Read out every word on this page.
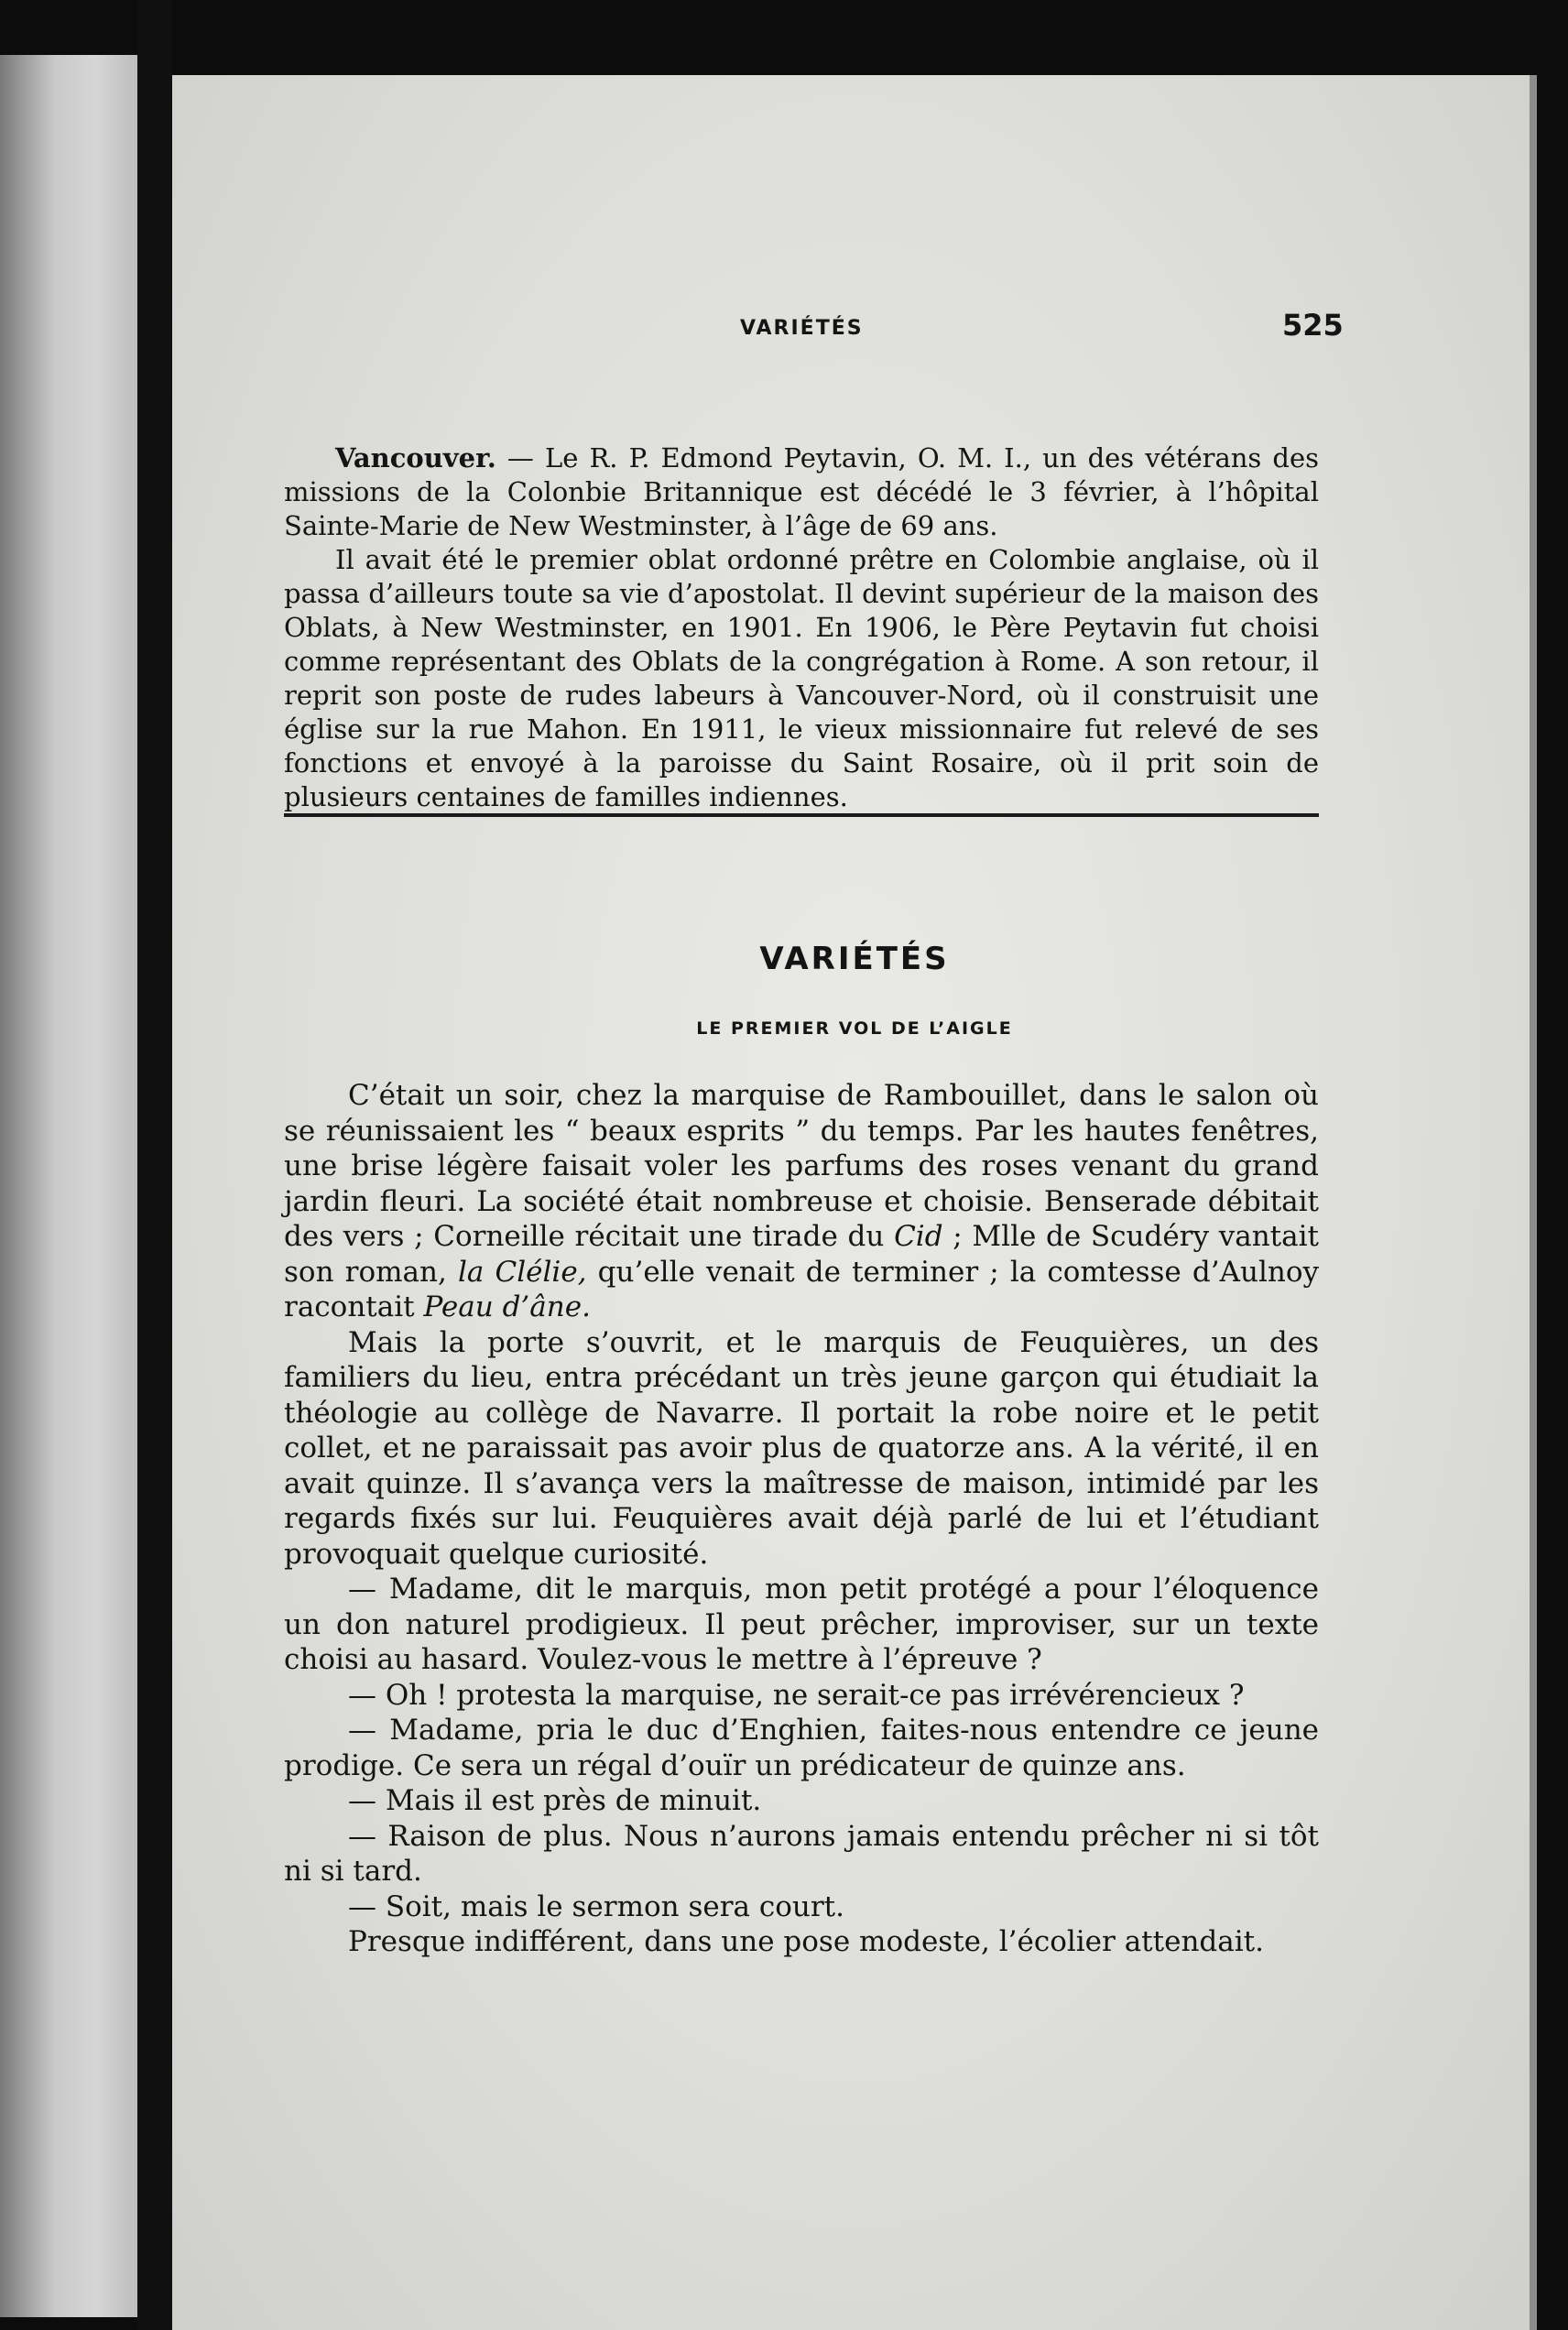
VARIÉTÉS	525

Vancouver. — Le R. P. Edmond Peytavin, O. M. I., un des vétérans des missions de la Colonbie Britannique est décédé le 3 février, à l’hôpital Sainte-Marie de New Westminster, à l’âge de 69 ans.

Il avait été le premier oblat ordonné prêtre en Colombie anglaise, où il passa d’ailleurs toute sa vie d’apostolat. Il devint supérieur de la maison des Oblats, à New Westminster, en 1901. En 1906, le Père Peytavin fut choisi comme représentant des Oblats de la congrégation à Rome. A son retour, il reprit son poste de rudes labeurs à Vancouver-Nord, où il construisit une église sur la rue Mahon. En 1911, le vieux missionnaire fut relevé de ses fonctions et envoyé à la paroisse du Saint Rosaire, où il prit soin de plusieurs centaines de familles indiennes.

VARIÉTÉS
LE PREMIER VOL DE L’AIGLE

C’était un soir, chez la marquise de Rambouillet, dans le salon où se réunissaient les “ beaux esprits ” du temps. Par les hautes fenêtres, une brise légère faisait voler les parfums des roses venant du grand jardin fleuri. La société était nombreuse et choisie. Benserade débitait des vers ; Corneille récitait une tirade du Cid ; Mlle de Scudéry vantait son roman, la Clélie, qu’elle venait de terminer ; la comtesse d’Aulnoy racontait Peau d’âne.

Mais la porte s’ouvrit, et le marquis de Feuquières, un des familiers du lieu, entra précédant un très jeune garçon qui étudiait la théologie au collège de Navarre. Il portait la robe noire et le petit collet, et ne paraissait pas avoir plus de quatorze ans. A la vérité, il en avait quinze. Il s’avança vers la maîtresse de maison, intimidé par les regards fixés sur lui. Feuquières avait déjà parlé de lui et l’étudiant provoquait quelque curiosité.

— Madame, dit le marquis, mon petit protégé a pour l’éloquence un don naturel prodigieux. Il peut prêcher, improviser, sur un texte choisi au hasard. Voulez-vous le mettre à l’épreuve ?

— Oh ! protesta la marquise, ne serait-ce pas irrévérencieux ?

— Madame, pria le duc d’Enghien, faites-nous entendre ce jeune prodige. Ce sera un régal d’ouïr un prédicateur de quinze ans.

— Mais il est près de minuit.

— Raison de plus. Nous n’aurons jamais entendu prêcher ni si tôt ni si tard.

— Soit, mais le sermon sera court.

Presque indifférent, dans une pose modeste, l’écolier attendait.
